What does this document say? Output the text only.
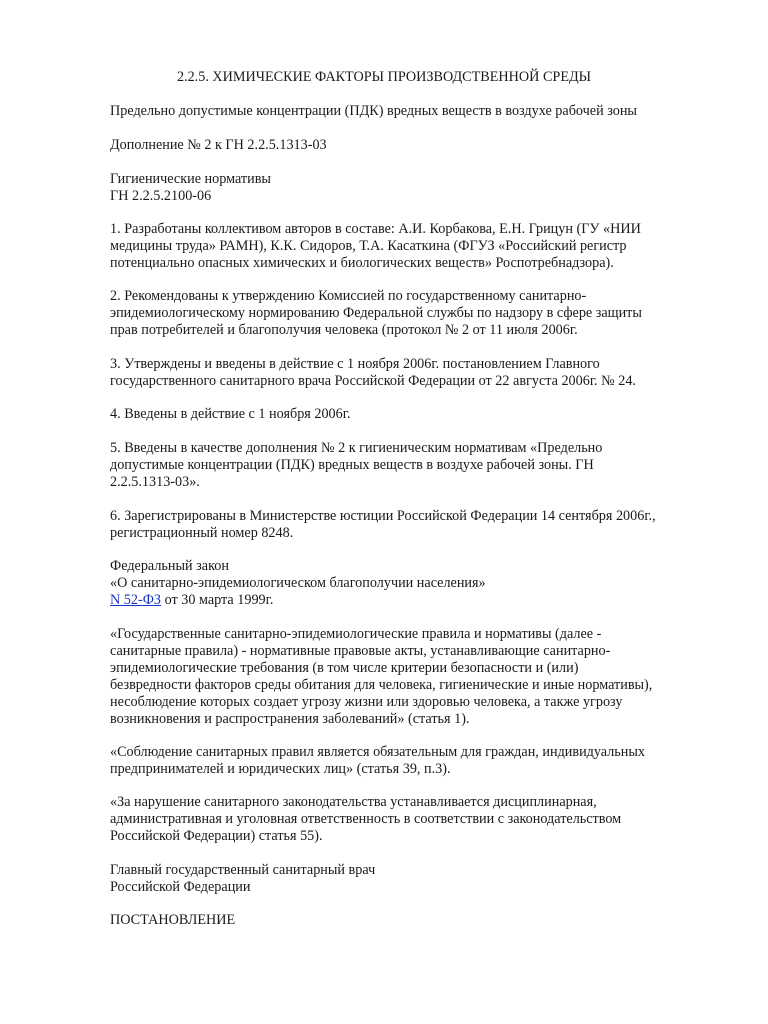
2.2.5. ХИМИЧЕСКИЕ ФАКТОРЫ ПРОИЗВОДСТВЕННОЙ СРЕДЫ

Предельно допустимые концентрации (ПДК) вредных веществ в воздухе рабочей зоны

Дополнение № 2 к ГН 2.2.5.1313-03

Гигиенические нормативы
ГН 2.2.5.2100-06

1. Разработаны коллективом авторов в составе: А.И. Корбакова, Е.Н. Грицун (ГУ «НИИ
медицины труда» РАМН), К.К. Сидоров, Т.А. Касаткина (ФГУЗ «Российский регистр
потенциально опасных химических и биологических веществ» Роспотребнадзора).

2. Рекомендованы к утверждению Комиссией по государственному санитарно-
эпидемиологическому нормированию Федеральной службы по надзору в сфере защиты
прав потребителей и благополучия человека (протокол № 2 от 11 июля 2006г.

3. Утверждены и введены в действие с 1 ноября 2006г. постановлением Главного
государственного санитарного врача Российской Федерации от 22 августа 2006г. № 24.

4. Введены в действие с 1 ноября 2006г.

5. Введены в качестве дополнения № 2 к гигиеническим нормативам «Предельно
допустимые концентрации (ПДК) вредных веществ в воздухе рабочей зоны. ГН
2.2.5.1313-03».

6. Зарегистрированы в Министерстве юстиции Российской Федерации 14 сентября 2006г.,
регистрационный номер 8248.

Федеральный закон
«О санитарно-эпидемиологическом благополучии населения»
N 52-ФЗ от 30 марта 1999г.

«Государственные санитарно-эпидемиологические правила и нормативы (далее -
санитарные правила) - нормативные правовые акты, устанавливающие санитарно-
эпидемиологические требования (в том числе критерии безопасности и (или)
безвредности факторов среды обитания для человека, гигиенические и иные нормативы),
несоблюдение которых создает угрозу жизни или здоровью человека, а также угрозу
возникновения и распространения заболеваний» (статья 1).

«Соблюдение санитарных правил является обязательным для граждан, индивидуальных
предпринимателей и юридических лиц» (статья 39, п.3).

«За нарушение санитарного законодательства устанавливается дисциплинарная,
административная и уголовная ответственность в соответствии с законодательством
Российской Федерации) статья 55).

Главный государственный санитарный врач
Российской Федерации

ПОСТАНОВЛЕНИЕ
